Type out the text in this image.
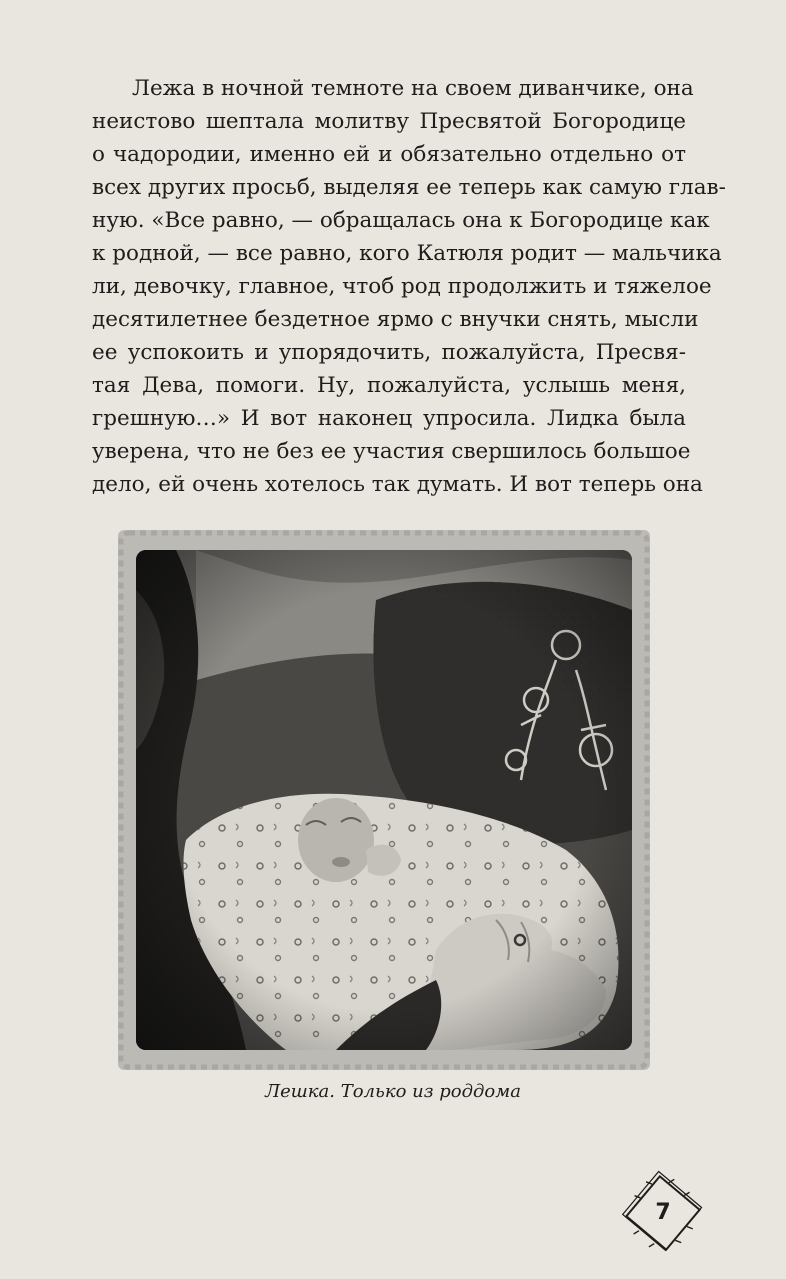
Лежа в ночной темноте на своем диванчике, она
неистово шептала молитву Пресвятой Богородице
о чадородии, именно ей и обязательно отдельно от
всех других просьб, выделяя ее теперь как самую глав-
ную. «Все равно, — обращалась она к Богородице как
к родной, — все равно, кого Катюля родит — мальчика
ли, девочку, главное, чтоб род продолжить и тяжелое
десятилетнее бездетное ярмо с внучки снять, мысли
ее успокоить и упорядочить, пожалуйста, Пресвя-
тая Дева, помоги. Ну, пожалуйста, услышь меня,
грешную…» И вот наконец упросила. Лидка была
уверена, что не без ее участия свершилось большое
дело, ей очень хотелось так думать. И вот теперь она
Лешка. Только из роддома
7
